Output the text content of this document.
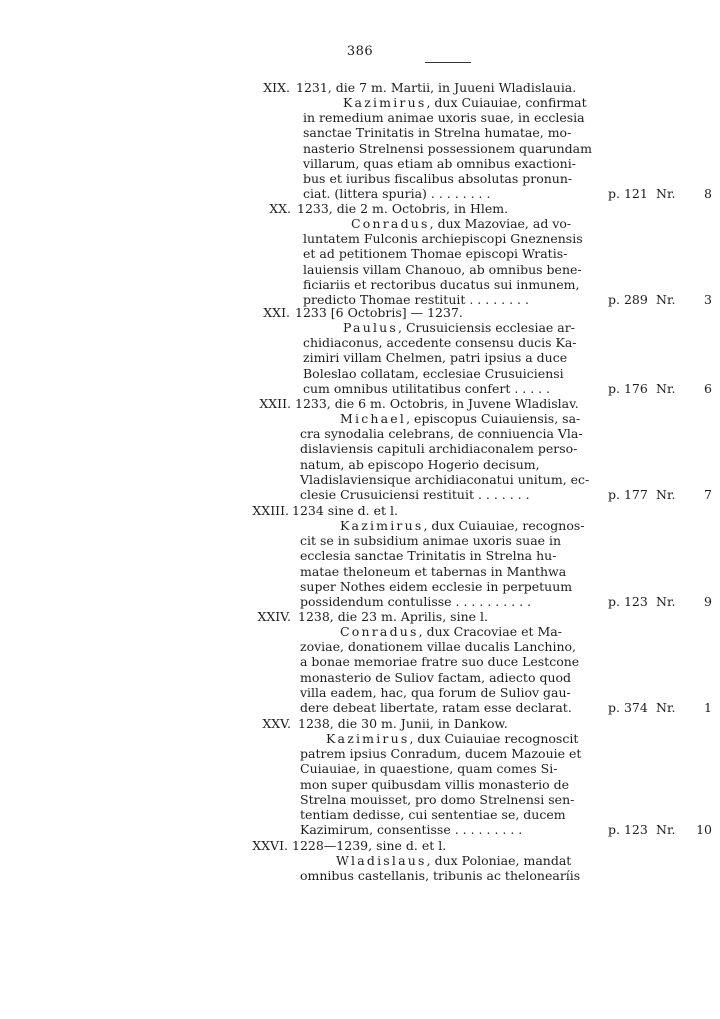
386
XIX. 1231, die 7 m. Martii, in Juueni Wladislauia.
Kazimirus, dux Cuiauiae, confirmat
in remedium animae uxoris suae, in ecclesia
sanctae Trinitatis in Strelna humatae, mo-
nasterio Strelnensi possessionem quarundam
villarum, quas etiam ab omnibus exactioni-
bus et iuribus fiscalibus absolutas pronun-
ciat. (littera spuria) . . . . . . . .	p. 121 Nr. 8
XX. 1233, die 2 m. Octobris, in Hlem.
Conradus, dux Mazoviae, ad vo-
luntatem Fulconis archiepiscopi Gneznensis
et ad petitionem Thomae episcopi Wratis-
lauiensis villam Chanouo, ab omnibus bene-
ficiariis et rectoribus ducatus sui inmunem,
predicto Thomae restituit . . . . . . . .	p. 289 Nr. 3
XXI. 1233 [6 Octobris] — 1237.
Paulus, Crusuiciensis ecclesiae ar-
chidiaconus, accedente consensu ducis Ka-
zimiri villam Chelmen, patri ipsius a duce
Boleslao collatam, ecclesiae Crusuiciensi
cum omnibus utilitatibus confert . . . . .	p. 176 Nr. 6
XXII. 1233, die 6 m. Octobris, in Juvene Wladislav.
Michael, episcopus Cuiauiensis, sa-
cra synodalia celebrans, de conniuencia Vla-
dislaviensis capituli archidiaconalem perso-
natum, ab episcopo Hogerio decisum,
Vladislaviensique archidiaconatui unitum, ec-
clesie Crusuiciensi restituit . . . . . . .	p. 177 Nr. 7
XXIII. 1234 sine d. et l.
Kazimirus, dux Cuiauiae, recognos-
cit se in subsidium animae uxoris suae in
ecclesia sanctae Trinitatis in Strelna hu-
matae theloneum et tabernas in Manthwa
super Nothes eidem ecclesie in perpetuum
possidendum contulisse . . . . . . . . . .	p. 123 Nr. 9
XXIV. 1238, die 23 m. Aprilis, sine l.
Conradus, dux Cracoviae et Ma-
zoviae, donationem villae ducalis Lanchino,
a bonae memoriae fratre suo duce Lestcone
monasterio de Suliov factam, adiecto quod
villa eadem, hac, qua forum de Suliov gau-
dere debeat libertate, ratam esse declarat.	p. 374 Nr. 1
XXV. 1238, die 30 m. Junii, in Dankow.
Kazimirus, dux Cuiauiae recognoscit
patrem ipsius Conradum, ducem Mazouie et
Cuiauiae, in quaestione, quam comes Si-
mon super quibusdam villis monasterio de
Strelna mouisset, pro domo Strelnensi sen-
tentiam dedisse, cui sententiae se, ducem
Kazimirum, consentisse . . . . . . . . .	p. 123 Nr. 10
XXVI. 1228—1239, sine d. et l.
Wladislaus, dux Poloniae, mandat
omnibus castellanis, tribunis ac thelonearíis
